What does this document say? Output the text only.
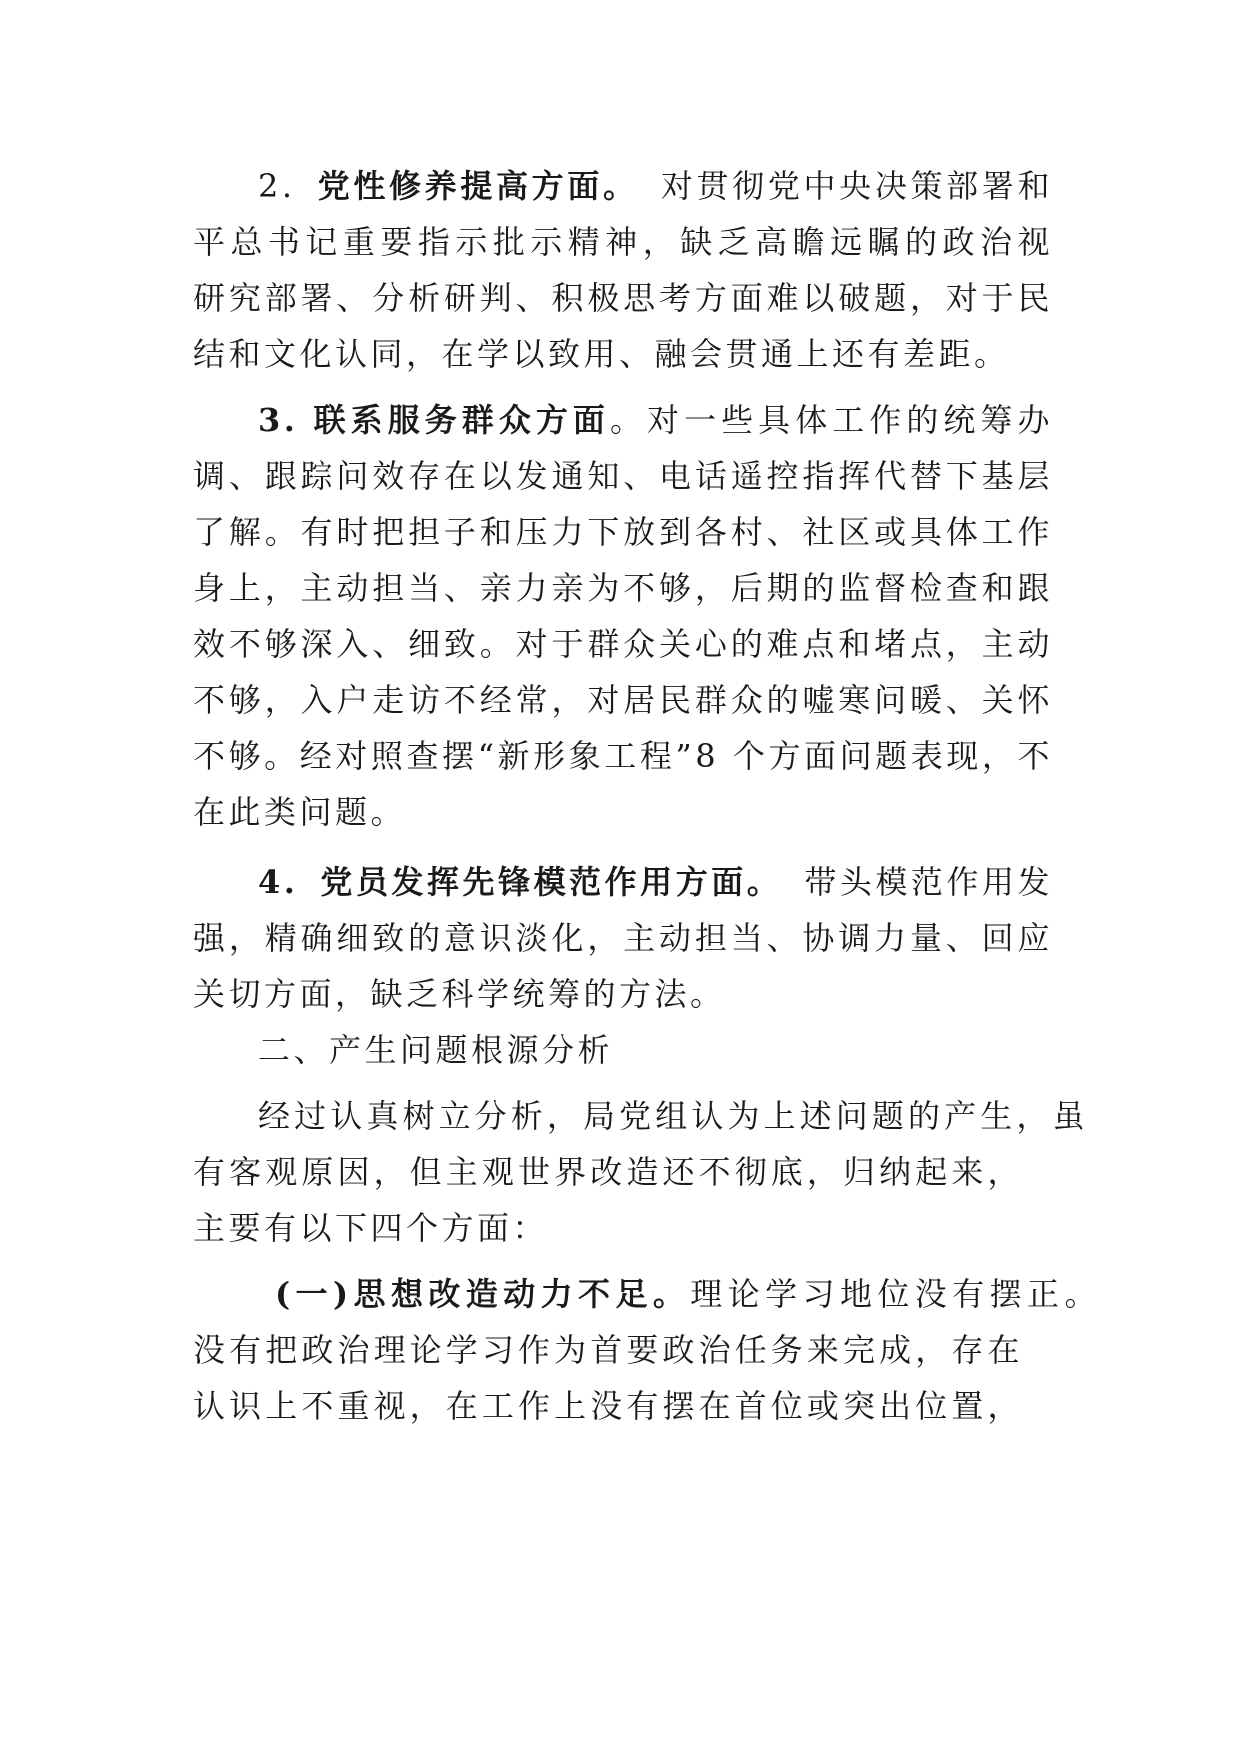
2. 党性修养提高方面。 对贯彻党中央决策部署和
平总书记重要指示批示精神，缺乏高瞻远瞩的政治视
研究部署、分析研判、积极思考方面难以破题，对于民
结和文化认同，在学以致用、融会贯通上还有差距。
3. 联系服务群众方面。对一些具体工作的统筹办
调、跟踪问效存在以发通知、电话遥控指挥代替下基层
了解。有时把担子和压力下放到各村、社区或具体工作
身上，主动担当、亲力亲为不够，后期的监督检查和跟
效不够深入、细致。对于群众关心的难点和堵点，主动
不够，入户走访不经常，对居民群众的嘘寒问暖、关怀
不够。经对照查摆“新形象工程”8 个方面问题表现，不
在此类问题。
4. 党员发挥先锋模范作用方面。 带头模范作用发
强，精确细致的意识淡化，主动担当、协调力量、回应
关切方面，缺乏科学统筹的方法。
二、产生问题根源分析
经过认真树立分析，局党组认为上述问题的产生，虽
有客观原因，但主观世界改造还不彻底，归纳起来，
主要有以下四个方面：
(一)思想改造动力不足。理论学习地位没有摆正。
没有把政治理论学习作为首要政治任务来完成，存在
认识上不重视，在工作上没有摆在首位或突出位置，
